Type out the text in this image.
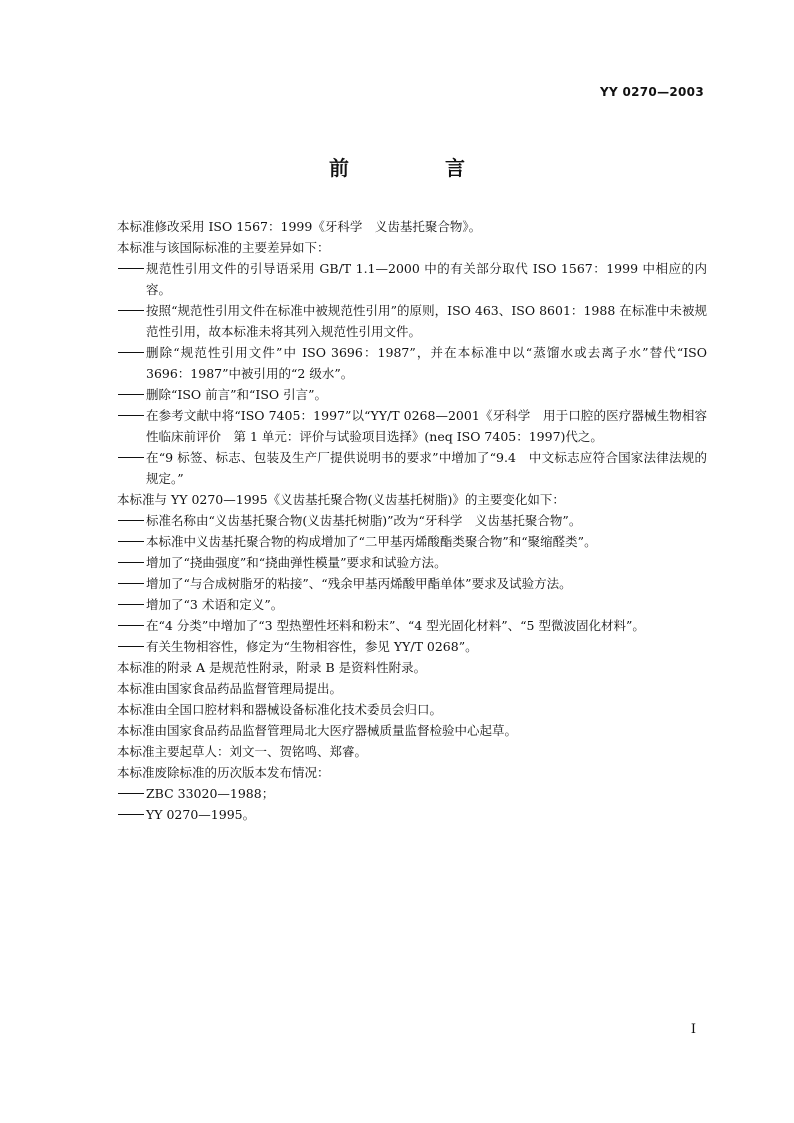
YY 0270—2003
前　言
本标准修改采用 ISO 1567：1999《牙科学　义齿基托聚合物》。
本标准与该国际标准的主要差异如下：
规范性引用文件的引导语采用 GB/T 1.1—2000 中的有关部分取代 ISO 1567：1999 中相应的内容。
按照“规范性引用文件在标准中被规范性引用”的原则，ISO 463、ISO 8601：1988 在标准中未被规范性引用，故本标准未将其列入规范性引用文件。
删除“规范性引用文件”中 ISO 3696：1987”，并在本标准中以“蒸馏水或去离子水”替代“ISO 3696：1987”中被引用的“2 级水”。
删除“ISO 前言”和“ISO 引言”。
在参考文献中将“ISO 7405：1997”以“YY/T 0268—2001《牙科学　用于口腔的医疗器械生物相容性临床前评价　第 1 单元：评价与试验项目选择》(neq ISO 7405：1997)代之。
在“9 标签、标志、包装及生产厂提供说明书的要求”中增加了“9.4　中文标志应符合国家法律法规的规定。”
本标准与 YY 0270—1995《义齿基托聚合物(义齿基托树脂)》的主要变化如下：
标准名称由“义齿基托聚合物(义齿基托树脂)”改为“牙科学　义齿基托聚合物”。
本标准中义齿基托聚合物的构成增加了“二甲基丙烯酸酯类聚合物”和“聚缩醛类”。
增加了“挠曲强度”和“挠曲弹性模量”要求和试验方法。
增加了“与合成树脂牙的粘接”、“残余甲基丙烯酸甲酯单体”要求及试验方法。
增加了“3 术语和定义”。
在“4 分类”中增加了“3 型热塑性坯料和粉末”、“4 型光固化材料”、“5 型微波固化材料”。
有关生物相容性，修定为“生物相容性，参见 YY/T 0268”。
本标准的附录 A 是规范性附录，附录 B 是资料性附录。
本标准由国家食品药品监督管理局提出。
本标准由全国口腔材料和器械设备标准化技术委员会归口。
本标准由国家食品药品监督管理局北大医疗器械质量监督检验中心起草。
本标准主要起草人：刘文一、贺铭鸣、郑睿。
本标准废除标准的历次版本发布情况：
ZBC 33020—1988；
YY 0270—1995。
I
